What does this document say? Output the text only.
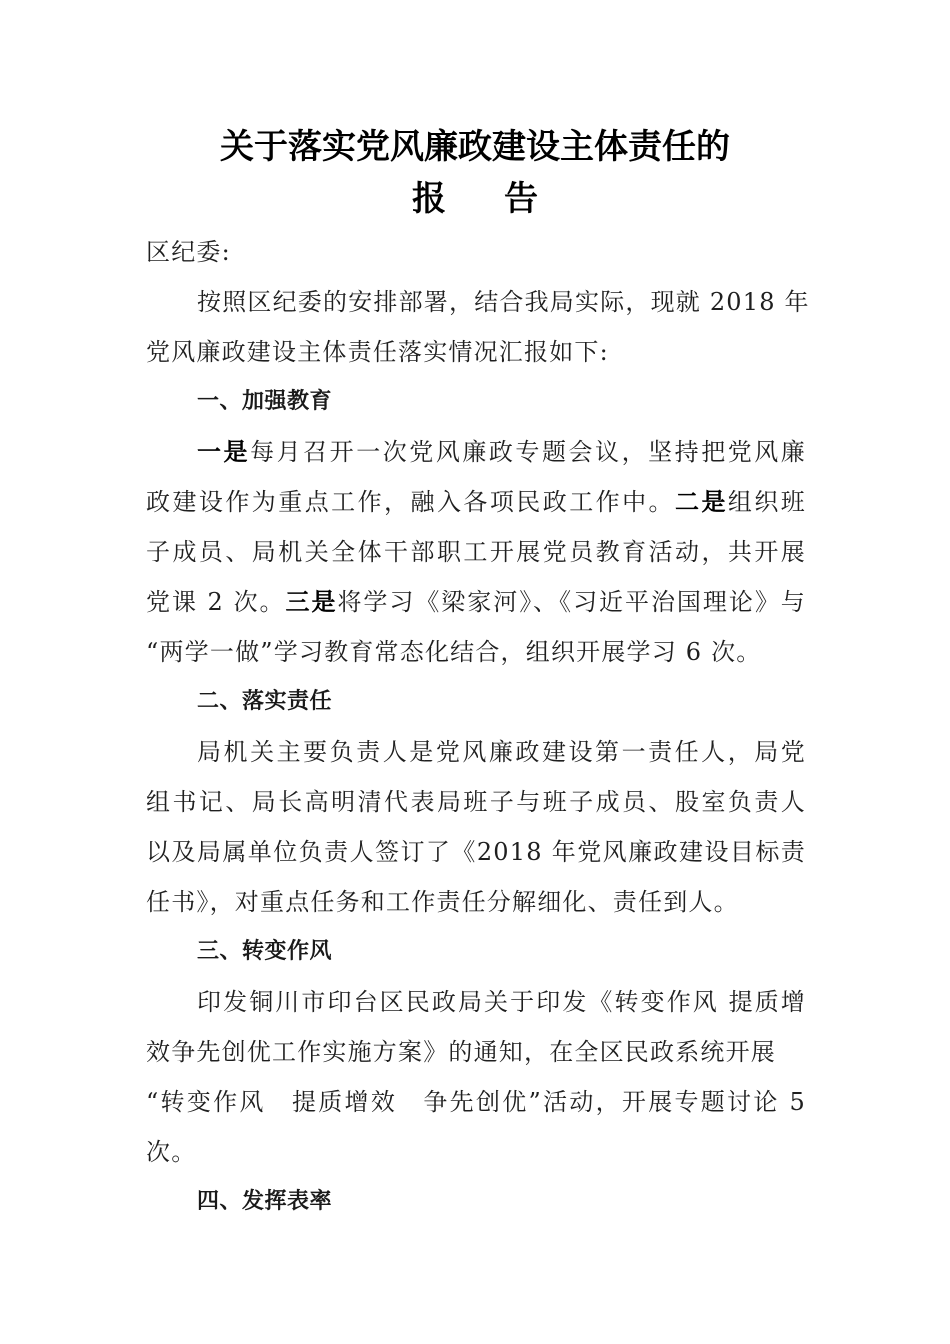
关于落实党风廉政建设主体责任的
报 告
区纪委:
按照区纪委的安排部署，结合我局实际，现就 2018 年
党风廉政建设主体责任落实情况汇报如下:
一、加强教育
一是每月召开一次党风廉政专题会议，坚持把党风廉
政建设作为重点工作，融入各项民政工作中。二是组织班
子成员、局机关全体干部职工开展党员教育活动，共开展
党课 2 次。三是将学习《梁家河》、《习近平治国理论》与
“两学一做”学习教育常态化结合，组织开展学习 6 次。
二、落实责任
局机关主要负责人是党风廉政建设第一责任人，局党
组书记、局长高明清代表局班子与班子成员、股室负责人
以及局属单位负责人签订了《2018 年党风廉政建设目标责
任书》，对重点任务和工作责任分解细化、责任到人。
三、转变作风
印发铜川市印台区民政局关于印发《转变作风 提质增
效争先创优工作实施方案》的通知，在全区民政系统开展
“转变作风　提质增效　争先创优”活动，开展专题讨论 5
次。
四、发挥表率
